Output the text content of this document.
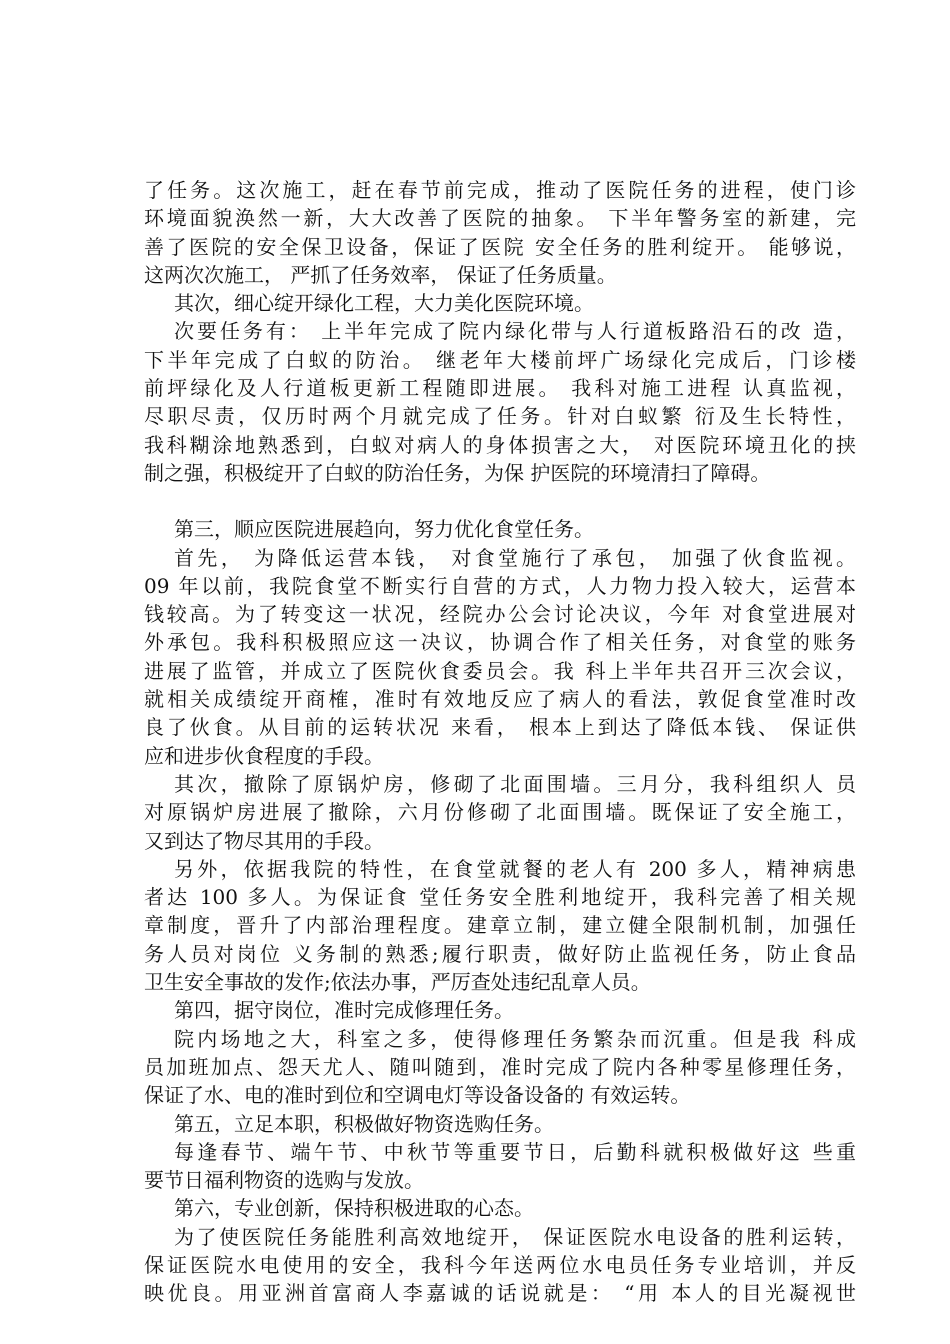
了任务。这次施工，赶在春节前完成，推动了医院任务的进程，使门诊
环境面貌涣然一新，大大改善了医院的抽象。 下半年警务室的新建，完
善了医院的安全保卫设备，保证了医院 安全任务的胜利绽开。 能够说，
这两次次施工， 严抓了任务效率， 保证了任务质量。
其次，细心绽开绿化工程，大力美化医院环境。
次要任务有： 上半年完成了院内绿化带与人行道板路沿石的改 造，
下半年完成了白蚁的防治。 继老年大楼前坪广场绿化完成后，门诊楼
前坪绿化及人行道板更新工程随即进展。 我科对施工进程 认真监视，
尽职尽责，仅历时两个月就完成了任务。针对白蚁繁 衍及生长特性，
我科糊涂地熟悉到，白蚁对病人的身体损害之大， 对医院环境丑化的挟
制之强，积极绽开了白蚁的防治任务，为保 护医院的环境清扫了障碍。
第三，顺应医院进展趋向，努力优化食堂任务。
首先， 为降低运营本钱， 对食堂施行了承包， 加强了伙食监视。
09 年以前，我院食堂不断实行自营的方式，人力物力投入较大，运营本
钱较高。为了转变这一状况，经院办公会讨论决议，今年 对食堂进展对
外承包。我科积极照应这一决议，协调合作了相关任务，对食堂的账务
进展了监管，并成立了医院伙食委员会。我 科上半年共召开三次会议，
就相关成绩绽开商榷，准时有效地反应了病人的看法，敦促食堂准时改
良了伙食。从目前的运转状况 来看， 根本上到达了降低本钱、 保证供
应和进步伙食程度的手段。
其次，撤除了原锅炉房，修砌了北面围墙。三月分，我科组织人 员
对原锅炉房进展了撤除，六月份修砌了北面围墙。既保证了安全施工，
又到达了物尽其用的手段。
另外，依据我院的特性，在食堂就餐的老人有 200 多人，精神病患
者达 100 多人。为保证食 堂任务安全胜利地绽开，我科完善了相关规
章制度，晋升了内部治理程度。建章立制，建立健全限制机制，加强任
务人员对岗位 义务制的熟悉;履行职责，做好防止监视任务，防止食品
卫生安全事故的发作;依法办事，严厉查处违纪乱章人员。
第四，据守岗位，准时完成修理任务。
院内场地之大，科室之多，使得修理任务繁杂而沉重。但是我 科成
员加班加点、怨天尤人、随叫随到，准时完成了院内各种零星修理任务，
保证了水、电的准时到位和空调电灯等设备设备的 有效运转。
第五，立足本职，积极做好物资选购任务。
每逢春节、端午节、中秋节等重要节日，后勤科就积极做好这 些重
要节日福利物资的选购与发放。
第六，专业创新，保持积极进取的心态。
为了使医院任务能胜利高效地绽开， 保证医院水电设备的胜利运转，
保证医院水电使用的安全，我科今年送两位水电员任务专业培训，并反
映优良。用亚洲首富商人李嘉诚的话说就是： “用 本人的目光凝视世
